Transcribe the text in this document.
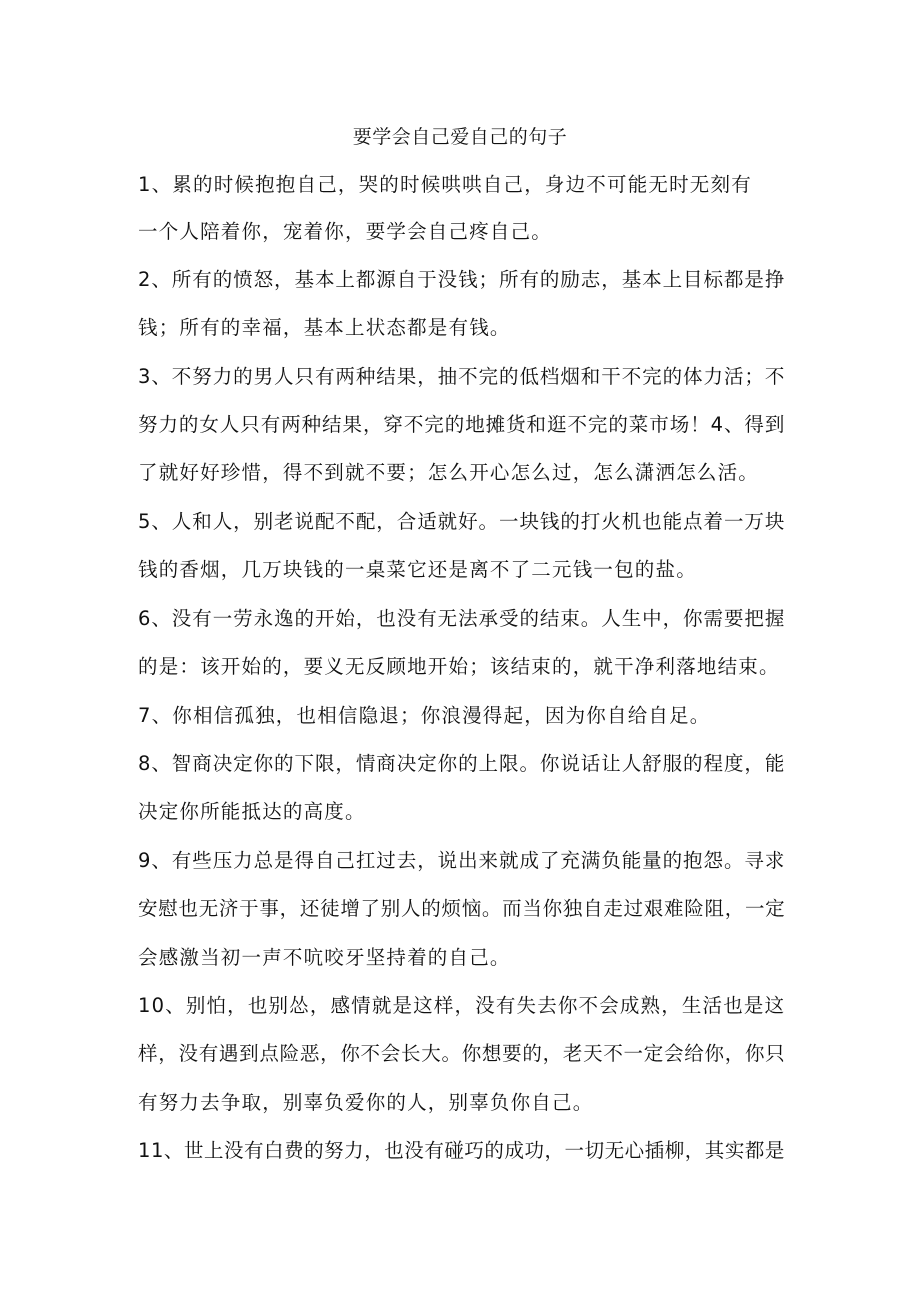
要学会自己爱自己的句子
1、累的时候抱抱自己，哭的时候哄哄自己，身边不可能无时无刻有
一个人陪着你，宠着你，要学会自己疼自己。
2、所有的愤怒，基本上都源自于没钱；所有的励志，基本上目标都是挣
钱；所有的幸福，基本上状态都是有钱。
3、不努力的男人只有两种结果，抽不完的低档烟和干不完的体力活；不
努力的女人只有两种结果，穿不完的地摊货和逛不完的菜市场！4、得到
了就好好珍惜，得不到就不要；怎么开心怎么过，怎么潇洒怎么活。
5、人和人，别老说配不配，合适就好。一块钱的打火机也能点着一万块
钱的香烟，几万块钱的一桌菜它还是离不了二元钱一包的盐。
6、没有一劳永逸的开始，也没有无法承受的结束。人生中，你需要把握
的是：该开始的，要义无反顾地开始；该结束的，就干净利落地结束。
7、你相信孤独，也相信隐退；你浪漫得起，因为你自给自足。
8、智商决定你的下限，情商决定你的上限。你说话让人舒服的程度，能
决定你所能抵达的高度。
9、有些压力总是得自己扛过去，说出来就成了充满负能量的抱怨。寻求
安慰也无济于事，还徒增了别人的烦恼。而当你独自走过艰难险阻，一定
会感激当初一声不吭咬牙坚持着的自己。
10、别怕，也别怂，感情就是这样，没有失去你不会成熟，生活也是这
样，没有遇到点险恶，你不会长大。你想要的，老天不一定会给你，你只
有努力去争取，别辜负爱你的人，别辜负你自己。
11、世上没有白费的努力，也没有碰巧的成功，一切无心插柳，其实都是
